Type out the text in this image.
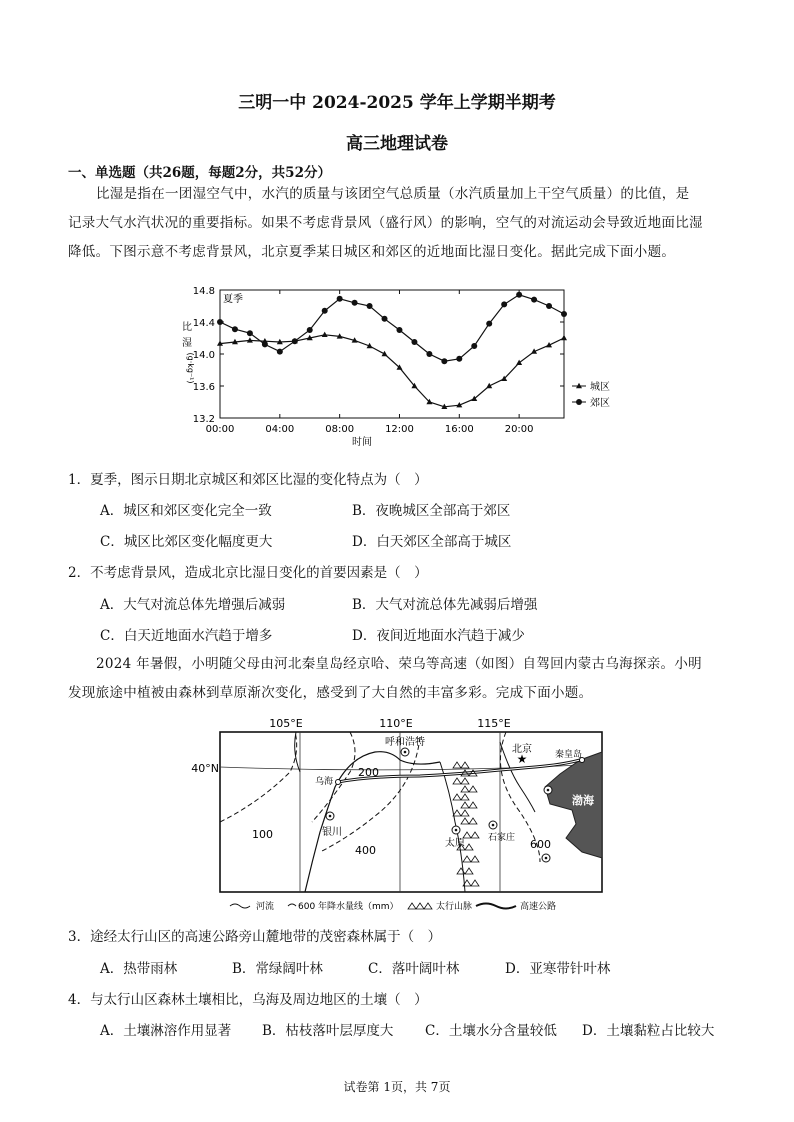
三明一中 2024-2025 学年上学期半期考
高三地理试卷
一、单选题（共26题，每题2分，共52分）
比湿是指在一团湿空气中，水汽的质量与该团空气总质量（水汽质量加上干空气质量）的比值，是
记录大气水汽状况的重要指标。如果不考虑背景风（盛行风）的影响，空气的对流运动会导致近地面比湿
降低。下图示意不考虑背景风，北京夏季某日城区和郊区的近地面比湿日变化。据此完成下面小题。
13.2
13.6
14.0
14.4
14.8
00:00	04:00	08:00	12:00	16:00	20:00
夏季
时间
比
湿
(g·kg⁻¹)
城区
郊区
1．夏季，图示日期北京城区和郊区比湿的变化特点为（　）
A．城区和郊区变化完全一致	B．夜晚城区全部高于郊区
C．城区比郊区变化幅度更大	D．白天郊区全部高于城区
2．不考虑背景风，造成北京比湿日变化的首要因素是（　）
A．大气对流总体先增强后减弱	B．大气对流总体先减弱后增强
C．白天近地面水汽趋于增多	D．夜间近地面水汽趋于减少
2024 年暑假，小明随父母由河北秦皇岛经京哈、荣乌等高速（如图）自驾回内蒙古乌海探亲。小明
发现旅途中植被由森林到草原渐次变化，感受到了大自然的丰富多彩。完成下面小题。
105°E	110°E	115°E
40°N
渤海
100
200
400	600
呼和浩特
★
北京	秦皇岛
乌海
银川
太原	石家庄
河流	600 年降水量线（mm）	太行山脉	高速公路
3．途经太行山区的高速公路旁山麓地带的茂密森林属于（　）
A．热带雨林	B．常绿阔叶林	C．落叶阔叶林	D．亚寒带针叶林
4．与太行山区森林土壤相比，乌海及周边地区的土壤（　）
A．土壤淋溶作用显著 B．枯枝落叶层厚度大 C．土壤水分含量较低 D．土壤黏粒占比较大
试卷第 1页，共 7页
